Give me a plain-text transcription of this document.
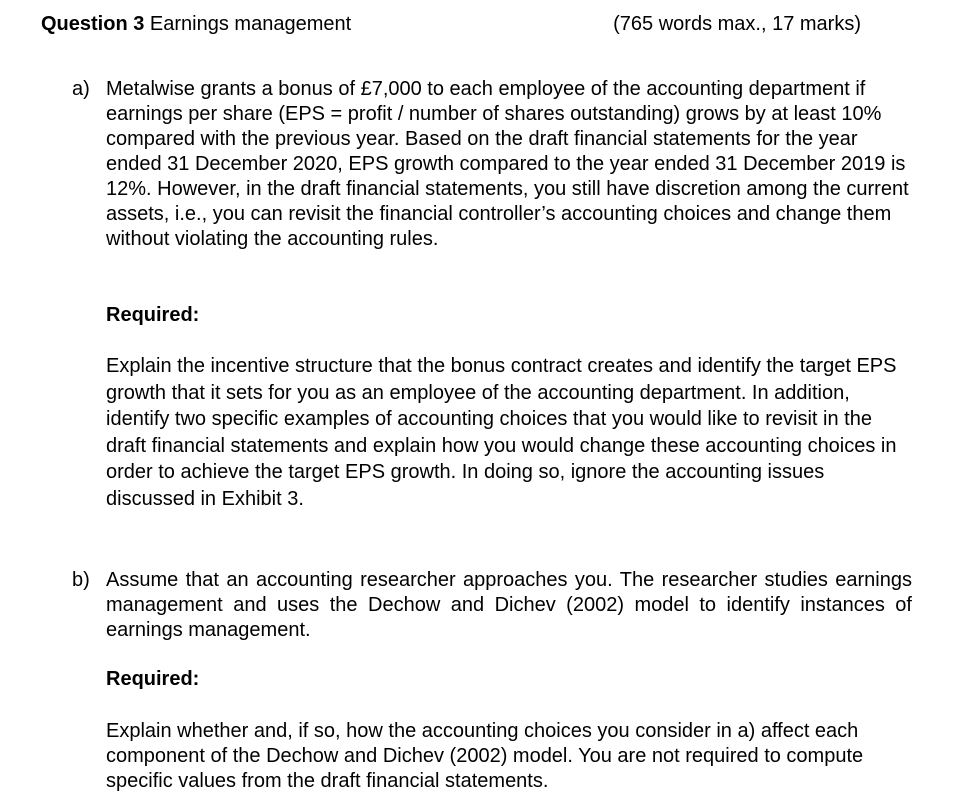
Question 3 Earnings management	(765 words max., 17 marks)
a) Metalwise grants a bonus of £7,000 to each employee of the accounting department if earnings per share (EPS = profit / number of shares outstanding) grows by at least 10% compared with the previous year. Based on the draft financial statements for the year ended 31 December 2020, EPS growth compared to the year ended 31 December 2019 is 12%. However, in the draft financial statements, you still have discretion among the current assets, i.e., you can revisit the financial controller’s accounting choices and change them without violating the accounting rules.

Required:

Explain the incentive structure that the bonus contract creates and identify the target EPS growth that it sets for you as an employee of the accounting department. In addition, identify two specific examples of accounting choices that you would like to revisit in the draft financial statements and explain how you would change these accounting choices in order to achieve the target EPS growth. In doing so, ignore the accounting issues discussed in Exhibit 3.

b) Assume that an accounting researcher approaches you. The researcher studies earnings management and uses the Dechow and Dichev (2002) model to identify instances of earnings management.

Required:

Explain whether and, if so, how the accounting choices you consider in a) affect each component of the Dechow and Dichev (2002) model. You are not required to compute specific values from the draft financial statements.
